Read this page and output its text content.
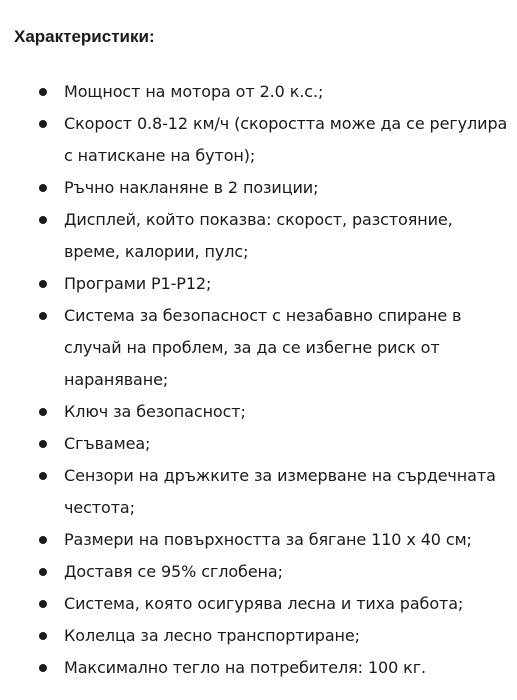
Характеристики:
Мощност на мотора от 2.0 к.с.;
Скорост 0.8-12 км/ч (скоростта може да се регулира с натискане на бутон);
Ръчно накланяне в 2 позиции;
Дисплей, който показва: скорост, разстояние, време, калории, пулс;
Програми P1-P12;
Система за безопасност с незабавно спиране в случай на проблем, за да се избегне риск от нараняване;
Ключ за безопасност;
Сгъвамеа;
Сензори на дръжките за измерване на сърдечната честота;
Размери на повърхността за бягане 110 x 40 см;
Доставя се 95% сглобена;
Система, която осигурява лесна и тиха работа;
Колелца за лесно транспортиране;
Максимално тегло на потребителя: 100 кг.
